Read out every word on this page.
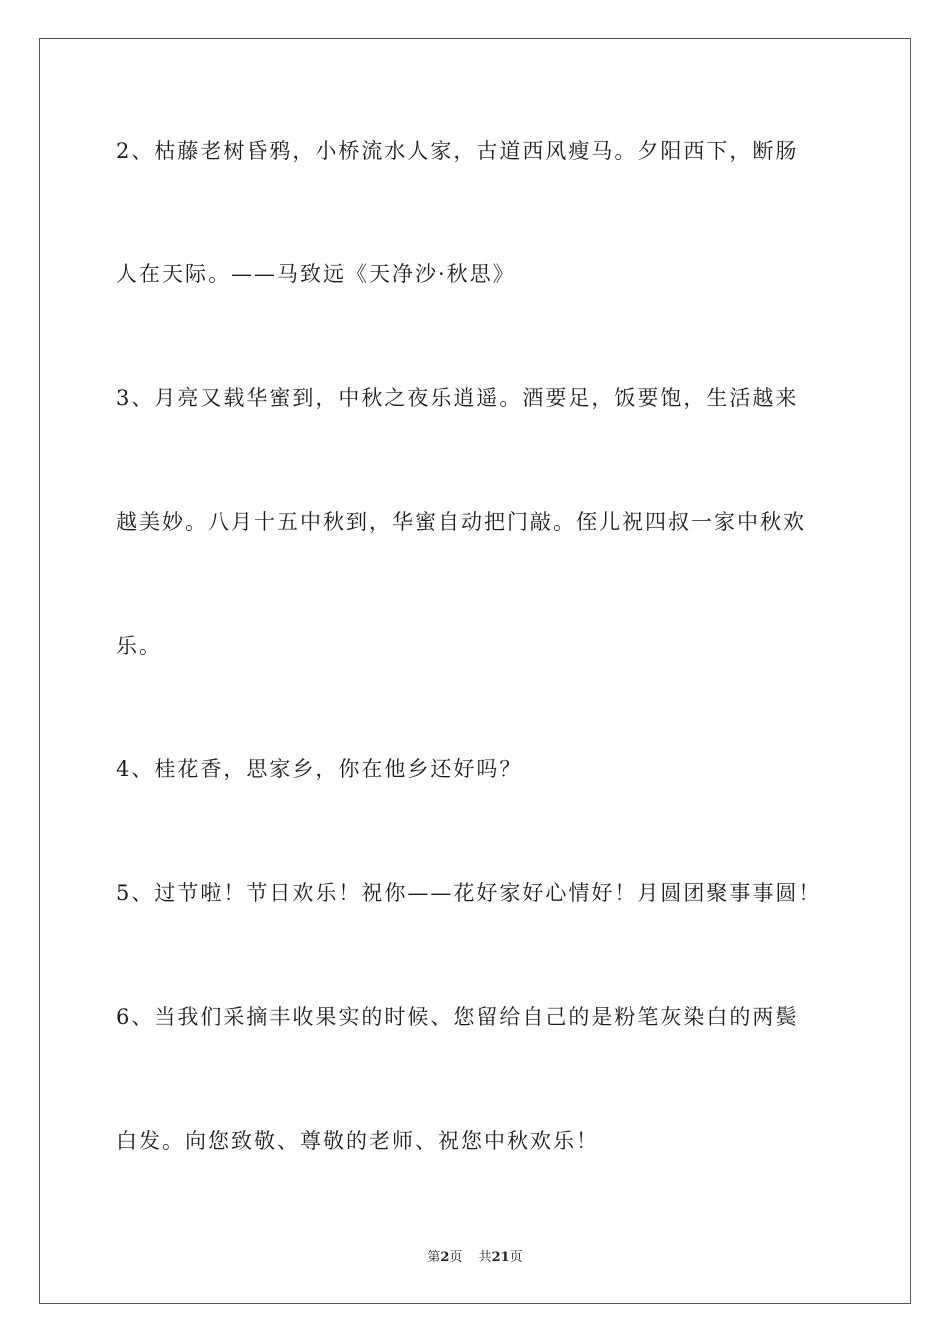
2、枯藤老树昏鸦，小桥流水人家，古道西风瘦马。夕阳西下，断肠
人在天际。——马致远《天净沙·秋思》
3、月亮又载华蜜到，中秋之夜乐逍遥。酒要足，饭要饱，生活越来
越美妙。八月十五中秋到，华蜜自动把门敲。侄儿祝四叔一家中秋欢
乐。
4、桂花香，思家乡，你在他乡还好吗？
5、过节啦！节日欢乐！祝你——花好家好心情好！月圆团聚事事圆！
6、当我们采摘丰收果实的时候、您留给自己的是粉笔灰染白的两鬓
白发。向您致敬、尊敬的老师、祝您中秋欢乐！
第2页 共21页
